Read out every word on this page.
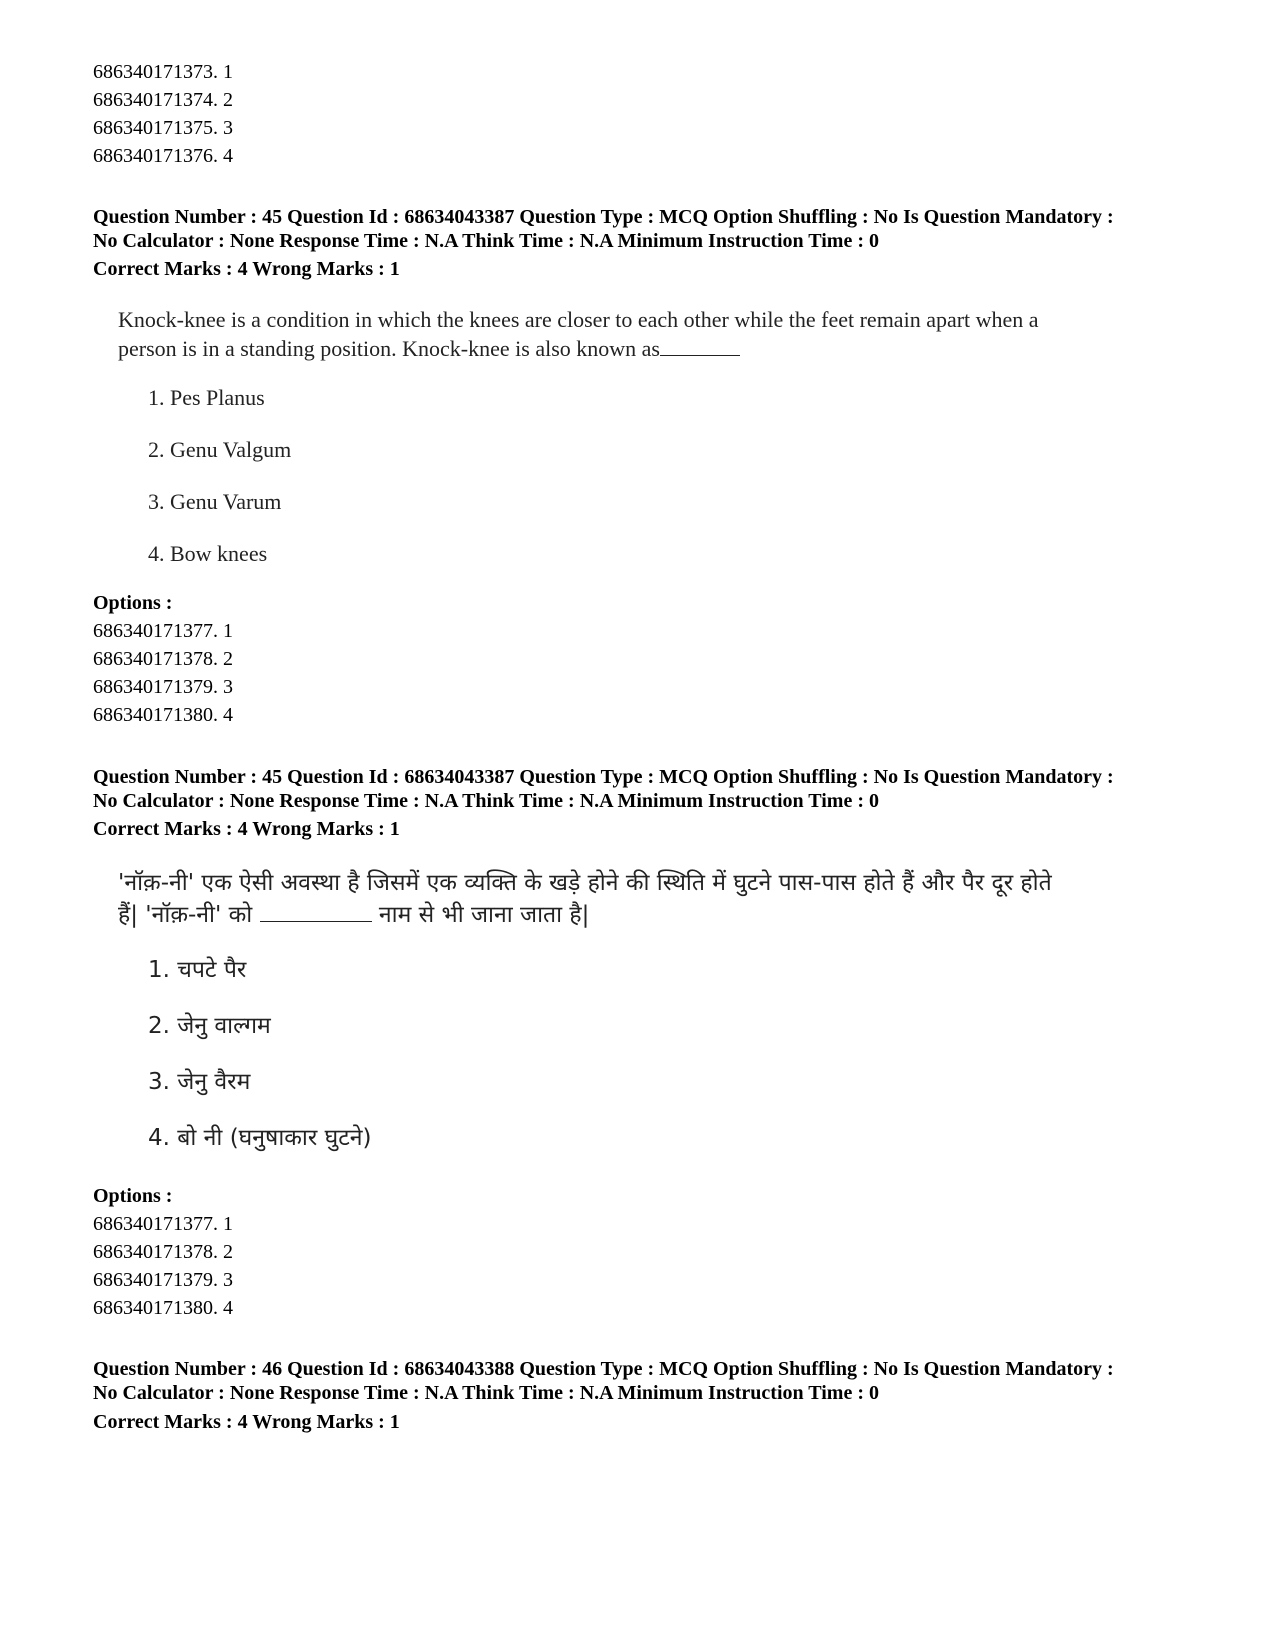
686340171373. 1
686340171374. 2
686340171375. 3
686340171376. 4
Question Number : 45 Question Id : 68634043387 Question Type : MCQ Option Shuffling : No Is Question Mandatory :
No Calculator : None Response Time : N.A Think Time : N.A Minimum Instruction Time : 0
Correct Marks : 4 Wrong Marks : 1
Knock-knee is a condition in which the knees are closer to each other while the feet remain apart when a
person is in a standing position. Knock-knee is also known as
1. Pes Planus
2. Genu Valgum
3. Genu Varum
4. Bow knees
Options :
686340171377. 1
686340171378. 2
686340171379. 3
686340171380. 4
Question Number : 45 Question Id : 68634043387 Question Type : MCQ Option Shuffling : No Is Question Mandatory :
No Calculator : None Response Time : N.A Think Time : N.A Minimum Instruction Time : 0
Correct Marks : 4 Wrong Marks : 1
'नॉक़-नी' एक ऐसी अवस्था है जिसमें एक व्यक्ति के खड़े होने की स्थिति में घुटने पास-पास होते हैं और पैर दूर होते
हैं| 'नॉक़-नी' को	नाम से भी जाना जाता है|
1. चपटे पैर
2. जेनु वाल्गम
3. जेनु वैरम
4. बो नी (घनुषाकार घुटने)
Options :
686340171377. 1
686340171378. 2
686340171379. 3
686340171380. 4
Question Number : 46 Question Id : 68634043388 Question Type : MCQ Option Shuffling : No Is Question Mandatory :
No Calculator : None Response Time : N.A Think Time : N.A Minimum Instruction Time : 0
Correct Marks : 4 Wrong Marks : 1
